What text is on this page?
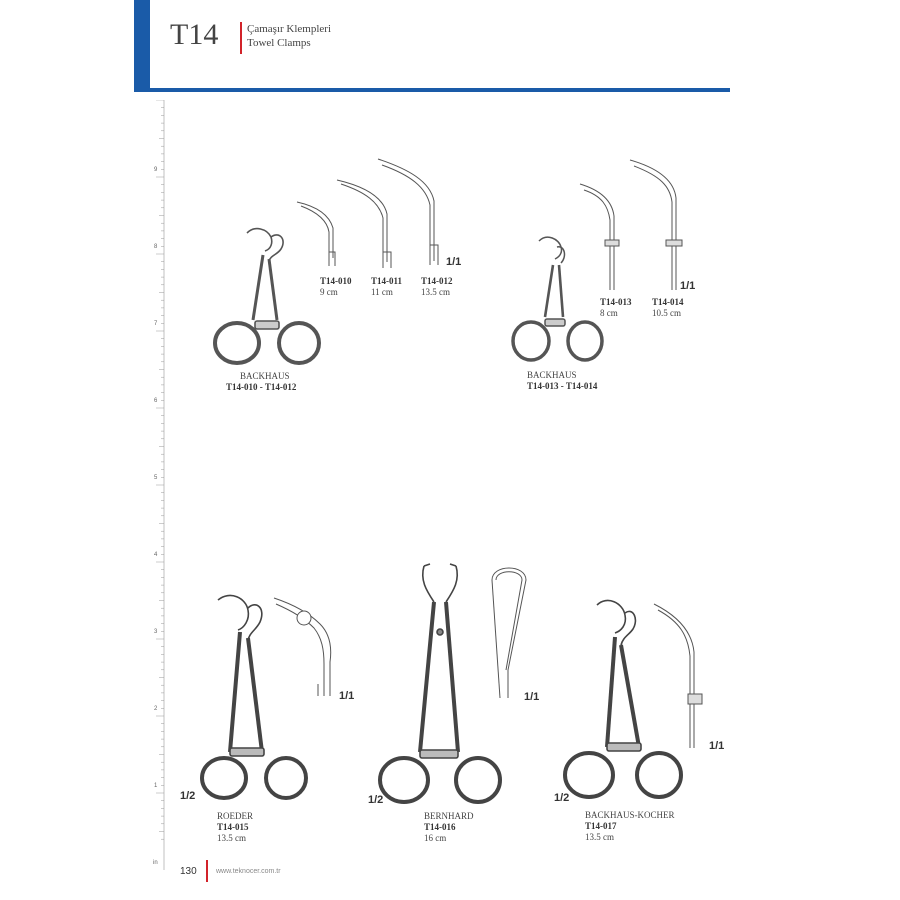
T14	Çamaşır Klempleri
Towel Clamps
9
8
7
6
5
4
3
2
1
in
BACKHAUS
T14-010 - T14-012
1/1
T14-010
9 cm
T14-011
11 cm
T14-012
13.5 cm
BACKHAUS
T14-013 - T14-014
1/1
T14-013
8 cm
T14-014
10.5 cm
1/1
1/2
ROEDER
T14-015
13.5 cm
1/1
1/2
BERNHARD
T14-016
16 cm
1/1
1/2
BACKHAUS-KOCHER
T14-017
13.5 cm
130	www.teknocer.com.tr
